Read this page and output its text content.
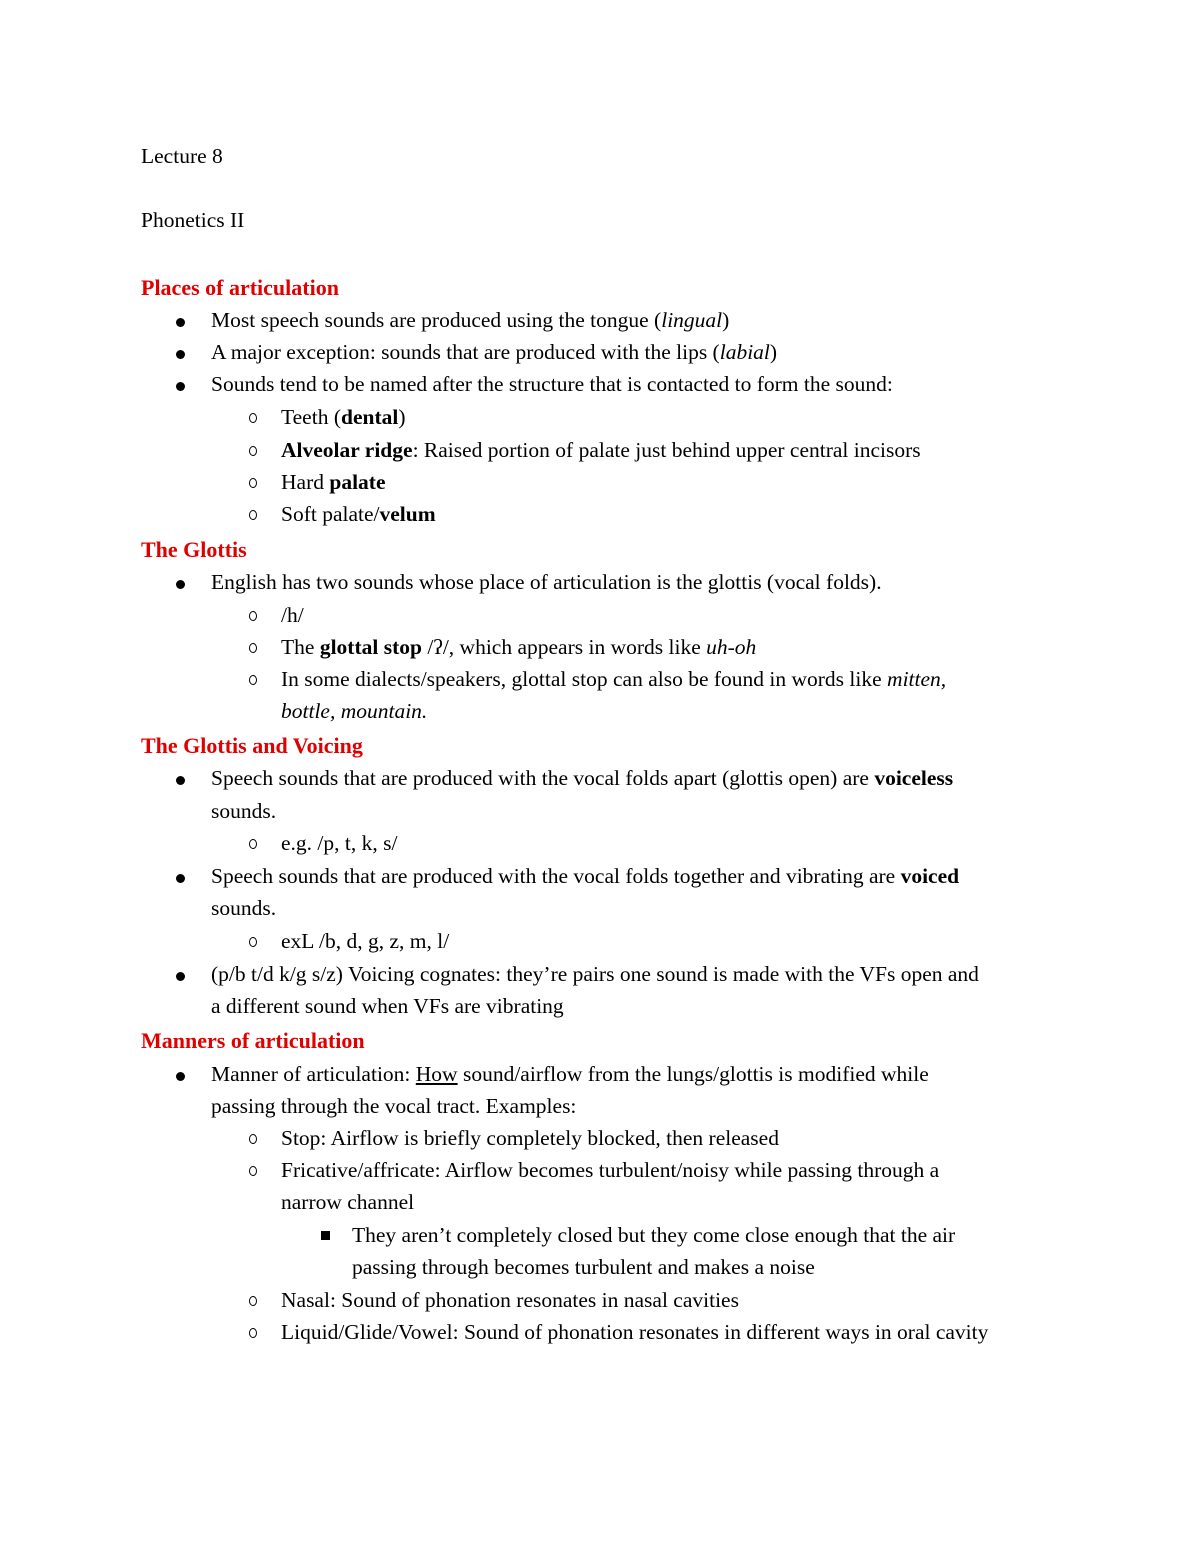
Lecture 8
Phonetics II
Places of articulation
Most speech sounds are produced using the tongue (lingual)
A major exception: sounds that are produced with the lips (labial)
Sounds tend to be named after the structure that is contacted to form the sound:
Teeth (dental)
Alveolar ridge: Raised portion of palate just behind upper central incisors
Hard palate
Soft palate/velum
The Glottis
English has two sounds whose place of articulation is the glottis (vocal folds).
/h/
The glottal stop /ʔ/, which appears in words like uh-oh
In some dialects/speakers, glottal stop can also be found in words like mitten,
bottle, mountain.
The Glottis and Voicing
Speech sounds that are produced with the vocal folds apart (glottis open) are voiceless
sounds.
e.g. /p, t, k, s/
Speech sounds that are produced with the vocal folds together and vibrating are voiced
sounds.
exL /b, d, g, z, m, l/
(p/b t/d k/g s/z) Voicing cognates: they’re pairs one sound is made with the VFs open and
a different sound when VFs are vibrating
Manners of articulation
Manner of articulation: How sound/airflow from the lungs/glottis is modified while
passing through the vocal tract. Examples:
Stop: Airflow is briefly completely blocked, then released
Fricative/affricate: Airflow becomes turbulent/noisy while passing through a
narrow channel
They aren’t completely closed but they come close enough that the air
passing through becomes turbulent and makes a noise
Nasal: Sound of phonation resonates in nasal cavities
Liquid/Glide/Vowel: Sound of phonation resonates in different ways in oral cavity
